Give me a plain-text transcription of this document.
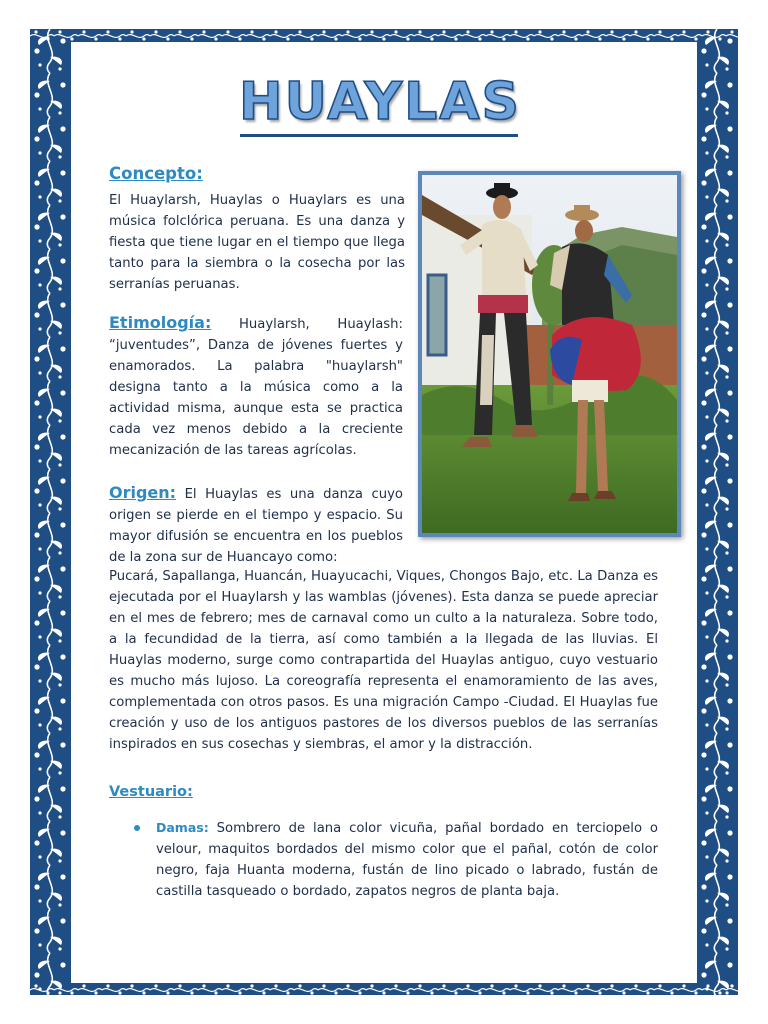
HUAYLAS
Concepto:
El Huaylarsh, Huaylas o Huaylars es una música folclórica peruana. Es una danza y fiesta que tiene lugar en el tiempo que llega tanto para la siembra o la cosecha por las serranías peruanas.
Etimología: Huaylarsh, Huaylash: “juventudes”, Danza de jóvenes fuertes y enamorados. La palabra "huaylarsh" designa tanto a la música como a la actividad misma, aunque esta se practica cada vez menos debido a la creciente mecanización de las tareas agrícolas.
Origen: El Huaylas es una danza cuyo origen se pierde en el tiempo y espacio. Su mayor difusión se encuentra en los pueblos de la zona sur de Huancayo como:
Pucará, Sapallanga, Huancán, Huayucachi, Viques, Chongos Bajo, etc. La Danza es ejecutada por el Huaylarsh y las wamblas (jóvenes). Esta danza se puede apreciar en el mes de febrero; mes de carnaval como un culto a la naturaleza. Sobre todo, a la fecundidad de la tierra, así como también a la llegada de las lluvias. El Huaylas moderno, surge como contrapartida del Huaylas antiguo, cuyo vestuario es mucho más lujoso. La coreografía representa el enamoramiento de las aves, complementada con otros pasos. Es una migración Campo -Ciudad. El Huaylas fue creación y uso de los antiguos pastores de los diversos pueblos de las serranías inspirados en sus cosechas y siembras, el amor y la distracción.
Vestuario:
Damas: Sombrero de lana color vicuña, pañal bordado en terciopelo o velour, maquitos bordados del mismo color que el pañal, cotón de color negro, faja Huanta moderna, fustán de lino picado o labrado, fustán de castilla tasqueado o bordado, zapatos negros de planta baja.
